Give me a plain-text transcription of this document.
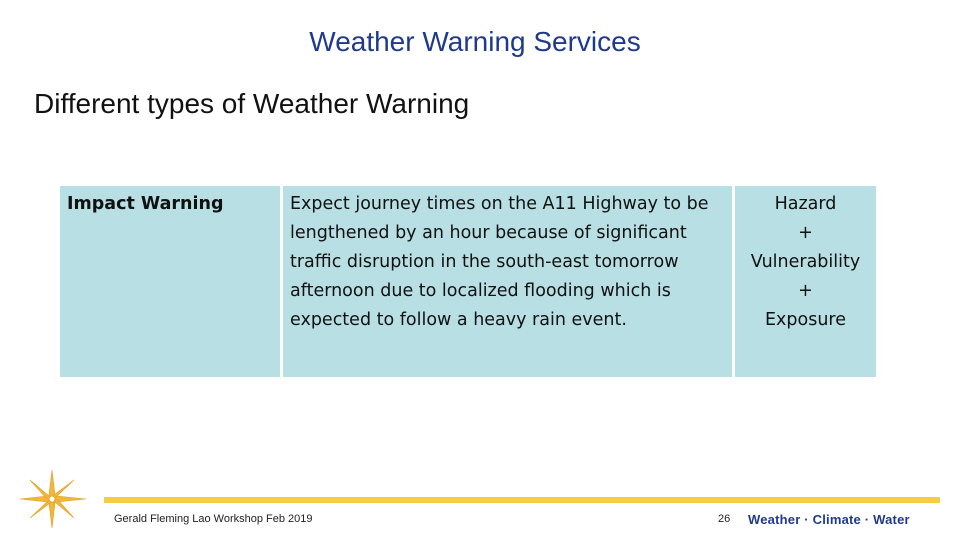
Weather Warning Services
Different types of Weather Warning
Impact Warning	Expect journey times on the A11 Highway to be lengthened by an hour because of significant traffic disruption in the south-east tomorrow afternoon due to localized flooding which is expected to follow a heavy rain event.
Hazard
+
Vulnerability
+
Exposure
Gerald Fleming Lao Workshop Feb 2019	26 Weather · Climate · Water
